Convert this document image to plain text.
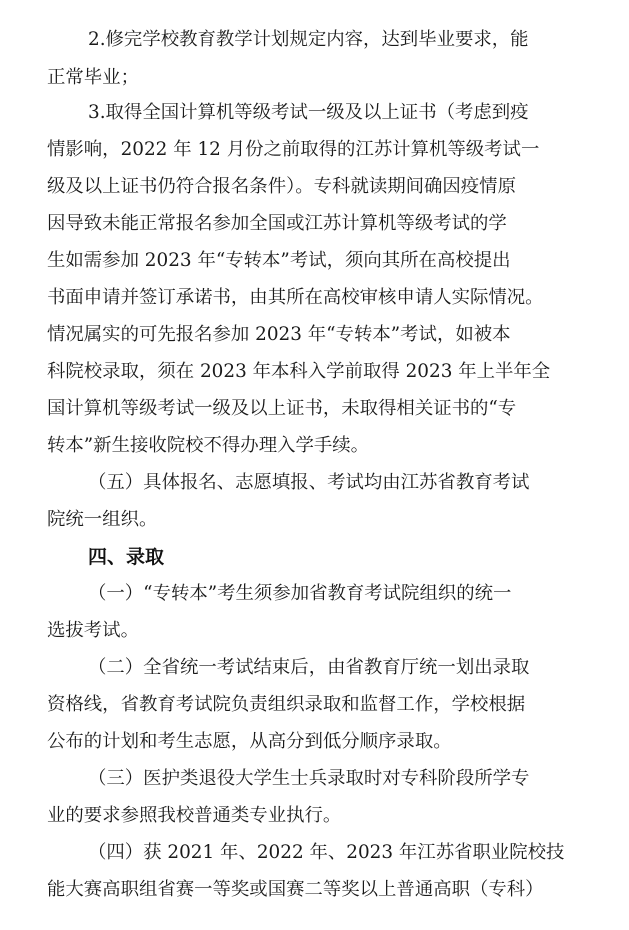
2.修完学校教育教学计划规定内容，达到毕业要求，能

正常毕业；

3.取得全国计算机等级考试一级及以上证书（考虑到疫

情影响，2022 年 12 月份之前取得的江苏计算机等级考试一

级及以上证书仍符合报名条件）。专科就读期间确因疫情原

因导致未能正常报名参加全国或江苏计算机等级考试的学

生如需参加 2023 年“专转本”考试，须向其所在高校提出

书面申请并签订承诺书，由其所在高校审核申请人实际情况。

情况属实的可先报名参加 2023 年“专转本”考试，如被本

科院校录取，须在 2023 年本科入学前取得 2023 年上半年全

国计算机等级考试一级及以上证书，未取得相关证书的“专

转本”新生接收院校不得办理入学手续。

（五）具体报名、志愿填报、考试均由江苏省教育考试

院统一组织。

四、录取

（一）“专转本”考生须参加省教育考试院组织的统一

选拔考试。

（二）全省统一考试结束后，由省教育厅统一划出录取

资格线，省教育考试院负责组织录取和监督工作，学校根据

公布的计划和考生志愿，从高分到低分顺序录取。

（三）医护类退役大学生士兵录取时对专科阶段所学专

业的要求参照我校普通类专业执行。

（四）获 2021 年、2022 年、2023 年江苏省职业院校技

能大赛高职组省赛一等奖或国赛二等奖以上普通高职（专科）
